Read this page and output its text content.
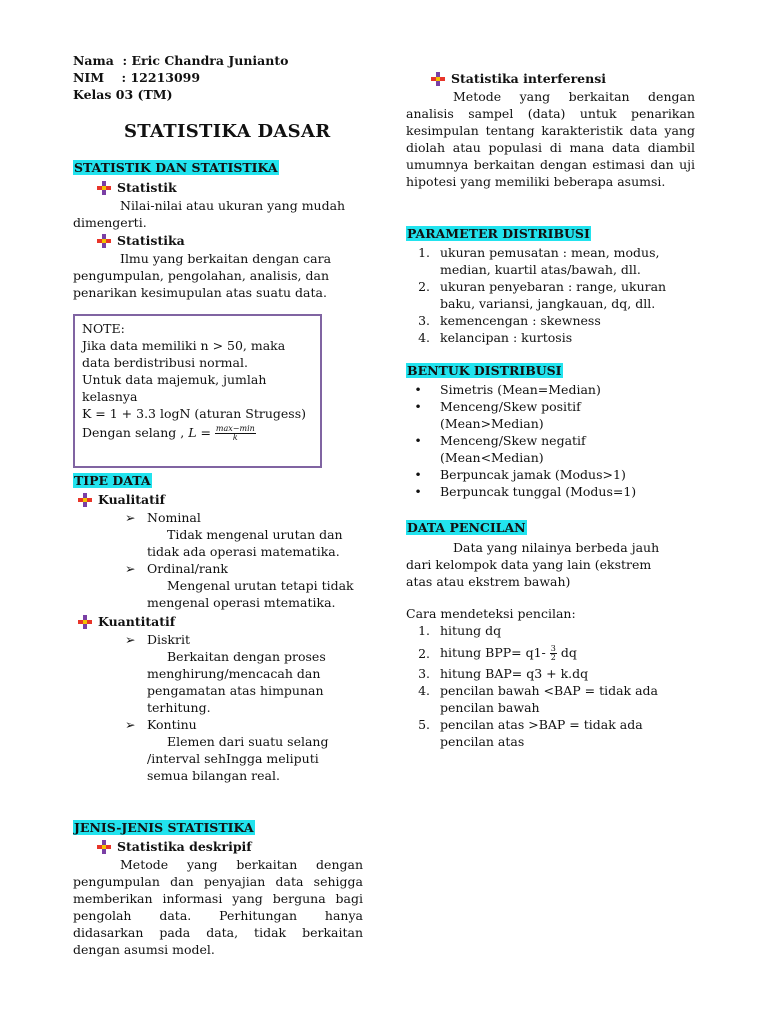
Nama  : Eric Chandra Junianto
NIM    : 12213099
Kelas 03 (TM)
STATISTIKA DASAR
STATISTIK DAN STATISTIKA
Statistik
Nilai-nilai atau ukuran yang mudah
dimengerti.
Statistika
Ilmu yang berkaitan dengan cara
pengumpulan, pengolahan, analisis, dan
penarikan kesimupulan atas suatu data.
NOTE:
Jika data memiliki n > 50, maka
data berdistribusi normal.
Untuk data majemuk, jumlah
kelasnya
K = 1 + 3.3 logN (aturan Strugess)
Dengan selang , $L = \frac{\max-\min}{k}$
TIPE DATA
Kualitatif
➢ Nominal
Tidak mengenal urutan dan
tidak ada operasi matematika.
➢ Ordinal/rank
Mengenal urutan tetapi tidak
mengenal operasi mtematika.
Kuantitatif
➢ Diskrit
Berkaitan dengan proses
menghirung/mencacah dan
pengamatan atas himpunan
terhitung.
➢ Kontinu
Elemen dari suatu selang
/interval sehIngga meliputi
semua bilangan real.
JENIS-JENIS STATISTIKA
Statistika deskripif
Metode yang berkaitan dengan pengumpulan dan penyajian data sehigga memberikan informasi yang berguna bagi pengolah data. Perhitungan hanya didasarkan pada data, tidak berkaitan dengan asumsi model.
Statistika interferensi
Metode yang berkaitan dengan analisis sampel (data) untuk penarikan kesimpulan tentang karakteristik data yang diolah atau populasi di mana data diambil umumnya berkaitan dengan estimasi dan uji hipotesi yang memiliki beberapa asumsi.
PARAMETER DISTRIBUSI
1. ukuran pemusatan : mean, modus,
median, kuartil atas/bawah, dll.
2. ukuran penyebaran : range, ukuran
baku, variansi, jangkauan, dq, dll.
3. kemencengan : skewness
4. kelancipan : kurtosis
BENTUK DISTRIBUSI
•	Simetris (Mean=Median)
•	Menceng/Skew positif
(Mean>Median)
•	Menceng/Skew negatif
(Mean<Median)
•	Berpuncak jamak (Modus>1)
•	Berpuncak tunggal (Modus=1)
DATA PENCILAN
Data yang nilainya berbeda jauh
dari kelompok data yang lain (ekstrem
atas atau ekstrem bawah)
Cara mendeteksi pencilan:
1. hitung dq
2. hitung $BPP= q1- \frac{3}{2}$ dq
3. hitung BAP= q3 + k.dq
4. pencilan bawah <BAP = tidak ada
pencilan bawah
5. pencilan atas >BAP = tidak ada
pencilan atas
